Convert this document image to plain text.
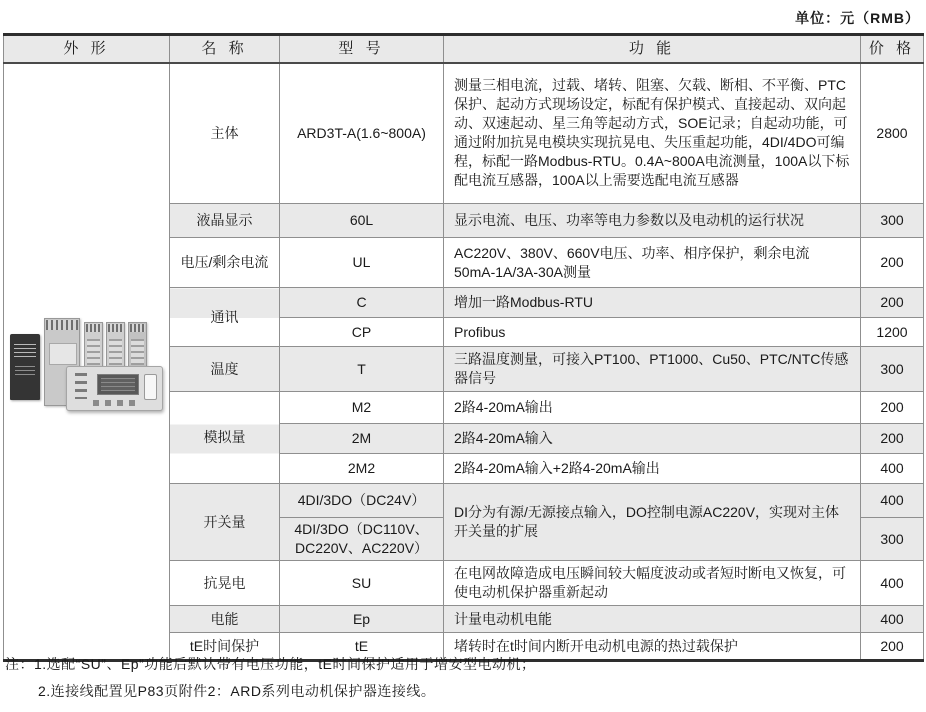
单位：元（RMB）
外 形	名 称	型 号	功 能	价 格

	主体	ARD3T-A(1.6~800A)	测量三相电流，过载、堵转、阻塞、欠载、断相、不平衡、PTC保护、起动方式现场设定，标配有保护模式、直接起动、双向起动、双速起动、星三角等起动方式，SOE记录；自起动功能，可通过附加抗晃电模块实现抗晃电、失压重起功能，4DI/4DO可编程，标配一路Modbus-RTU。0.4A~800A电流测量，100A以下标配电流互感器，100A以上需要选配电流互感器	2800
	液晶显示	60L	显示电流、电压、功率等电力参数以及电动机的运行状况	300
	电压/剩余电流	UL	AC220V、380V、660V电压、功率、相序保护，剩余电流50mA-1A/3A-30A测量	200
	通讯	C	增加一路Modbus-RTU	200
		CP	Profibus	1200
	温度	T	三路温度测量，可接入PT100、PT1000、Cu50、PTC/NTC传感器信号	300
	模拟量	M2	2路4-20mA输出	200
		2M	2路4-20mA输入	200
		2M2	2路4-20mA输入+2路4-20mA输出	400
	开关量	4DI/3DO（DC24V）	DI分为有源/无源接点输入，DO控制电源AC220V，实现对主体开关量的扩展	400
		4DI/3DO（DC110V、DC220V、AC220V）		300
	抗晃电	SU	在电网故障造成电压瞬间较大幅度波动或者短时断电又恢复，可使电动机保护器重新起动	400
	电能	Ep	计量电动机电能	400
	tE时间保护	tE	堵转时在t时间内断开电动机电源的热过载保护	200
注：1.选配“SU”、Ep”功能后默认带有电压功能，tE时间保护适用于增安型电动机；
2.连接线配置见P83页附件2：ARD系列电动机保护器连接线。
